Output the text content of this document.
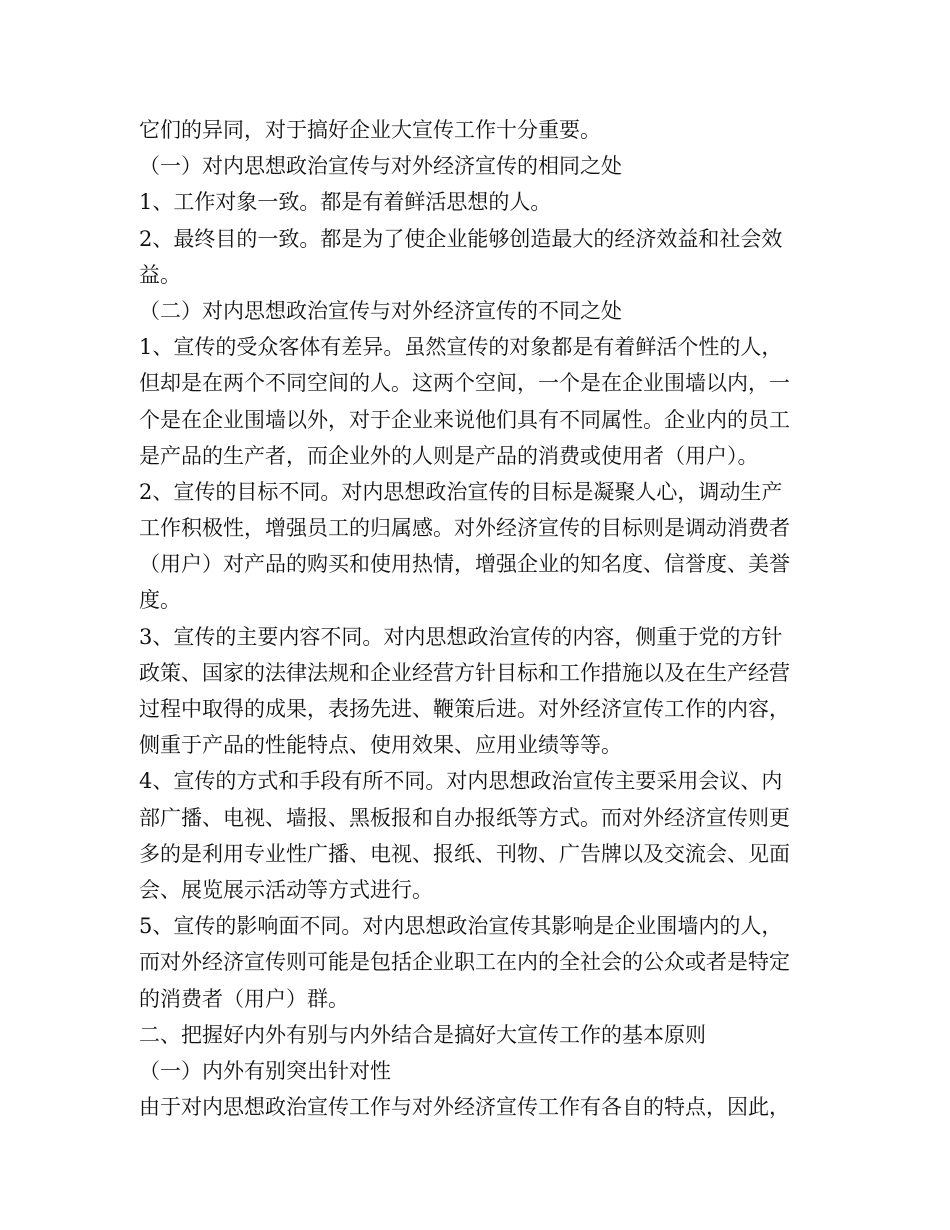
它们的异同，对于搞好企业大宣传工作十分重要。
（一）对内思想政治宣传与对外经济宣传的相同之处
1、工作对象一致。都是有着鲜活思想的人。
2、最终目的一致。都是为了使企业能够创造最大的经济效益和社会效
益。
（二）对内思想政治宣传与对外经济宣传的不同之处
1、宣传的受众客体有差异。虽然宣传的对象都是有着鲜活个性的人，
但却是在两个不同空间的人。这两个空间，一个是在企业围墙以内，一
个是在企业围墙以外，对于企业来说他们具有不同属性。企业内的员工
是产品的生产者，而企业外的人则是产品的消费或使用者（用户）。
2、宣传的目标不同。对内思想政治宣传的目标是凝聚人心，调动生产
工作积极性，增强员工的归属感。对外经济宣传的目标则是调动消费者
（用户）对产品的购买和使用热情，增强企业的知名度、信誉度、美誉
度。
3、宣传的主要内容不同。对内思想政治宣传的内容，侧重于党的方针
政策、国家的法律法规和企业经营方针目标和工作措施以及在生产经营
过程中取得的成果，表扬先进、鞭策后进。对外经济宣传工作的内容，
侧重于产品的性能特点、使用效果、应用业绩等等。
4、宣传的方式和手段有所不同。对内思想政治宣传主要采用会议、内
部广播、电视、墙报、黑板报和自办报纸等方式。而对外经济宣传则更
多的是利用专业性广播、电视、报纸、刊物、广告牌以及交流会、见面
会、展览展示活动等方式进行。
5、宣传的影响面不同。对内思想政治宣传其影响是企业围墙内的人，
而对外经济宣传则可能是包括企业职工在内的全社会的公众或者是特定
的消费者（用户）群。
二、把握好内外有别与内外结合是搞好大宣传工作的基本原则
（一）内外有别突出针对性
由于对内思想政治宣传工作与对外经济宣传工作有各自的特点，因此，
